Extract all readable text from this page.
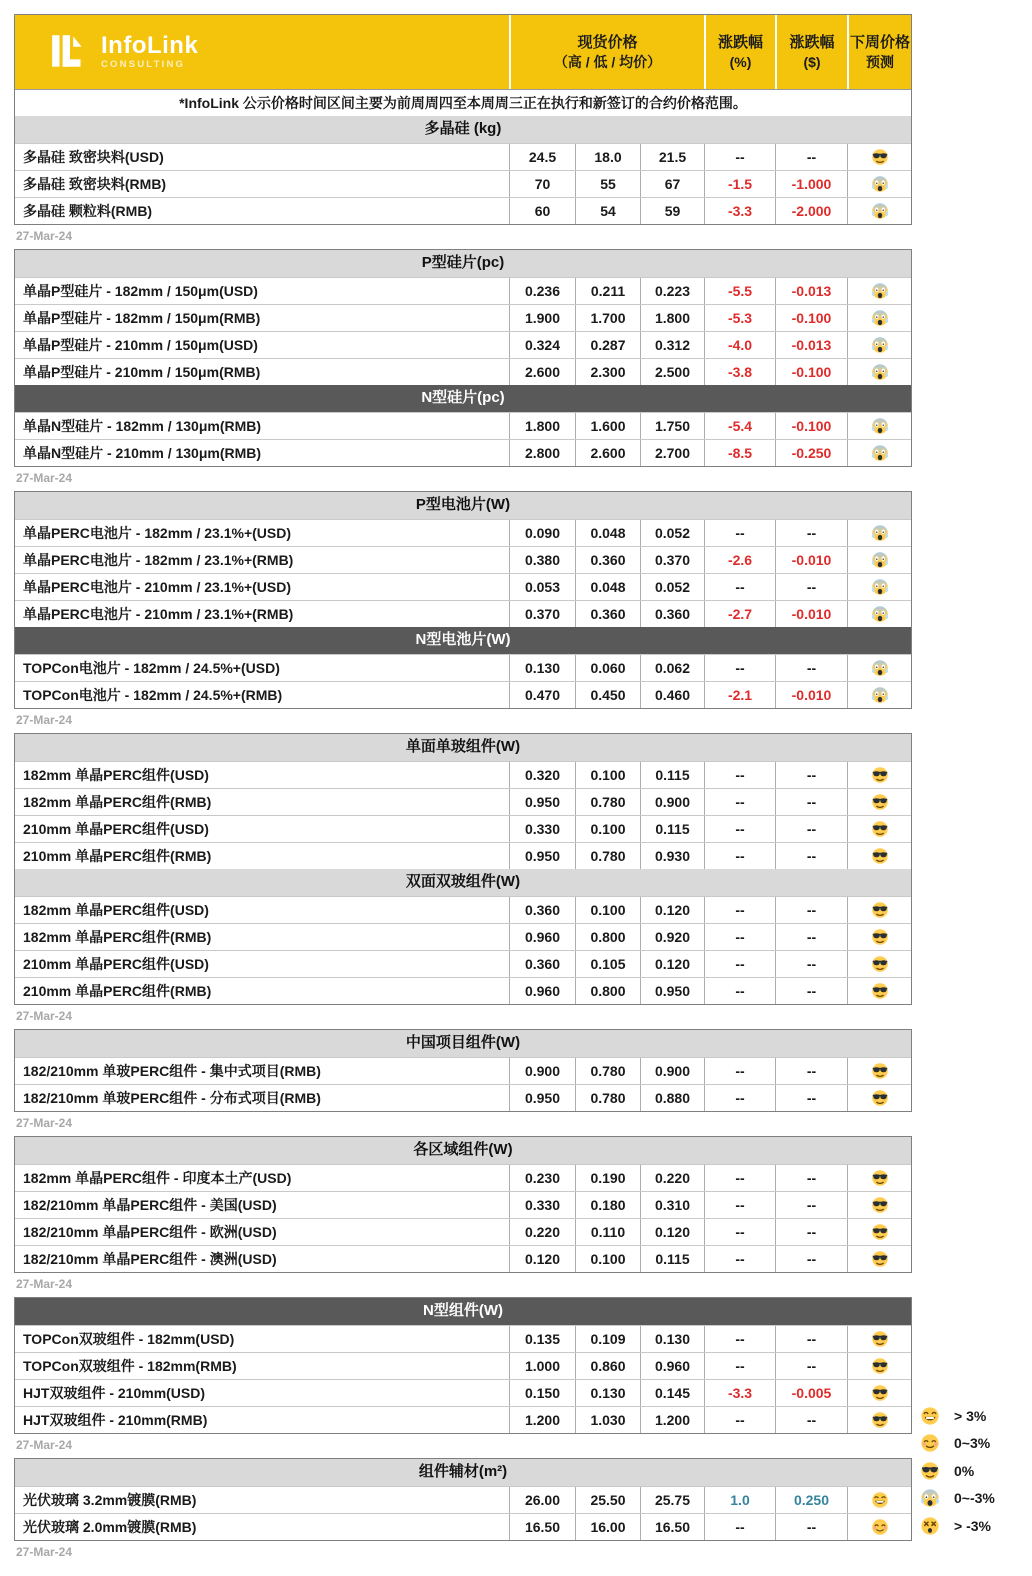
InfoLink
CONSULTING
现货价格
（高 / 低 / 均价）
涨跌幅
(%)
涨跌幅
($)
下周价格
预测
*InfoLink 公示价格时间区间主要为前周周四至本周周三正在执行和新签订的合约价格范围。
多晶硅 (kg)
多晶硅 致密块料(USD)	24.5	18.0	21.5	--	--
多晶硅 致密块料(RMB)	70	55	67	-1.5	-1.000
多晶硅 颗粒料(RMB)	60	54	59	-3.3	-2.000
27-Mar-24
P型硅片(pc)
单晶P型硅片 - 182mm / 150μm(USD)	0.236	0.211	0.223	-5.5	-0.013
单晶P型硅片 - 182mm / 150μm(RMB)	1.900	1.700	1.800	-5.3	-0.100
单晶P型硅片 - 210mm / 150μm(USD)	0.324	0.287	0.312	-4.0	-0.013
单晶P型硅片 - 210mm / 150μm(RMB)	2.600	2.300	2.500	-3.8	-0.100
N型硅片(pc)
单晶N型硅片 - 182mm / 130μm(RMB)	1.800	1.600	1.750	-5.4	-0.100
单晶N型硅片 - 210mm / 130μm(RMB)	2.800	2.600	2.700	-8.5	-0.250
27-Mar-24
P型电池片(W)
单晶PERC电池片 - 182mm / 23.1%+(USD)	0.090	0.048	0.052	--	--
单晶PERC电池片 - 182mm / 23.1%+(RMB)	0.380	0.360	0.370	-2.6	-0.010
单晶PERC电池片 - 210mm / 23.1%+(USD)	0.053	0.048	0.052	--	--
单晶PERC电池片 - 210mm / 23.1%+(RMB)	0.370	0.360	0.360	-2.7	-0.010
N型电池片(W)
TOPCon电池片 - 182mm / 24.5%+(USD)	0.130	0.060	0.062	--	--
TOPCon电池片 - 182mm / 24.5%+(RMB)	0.470	0.450	0.460	-2.1	-0.010
27-Mar-24
单面单玻组件(W)
182mm 单晶PERC组件(USD)	0.320	0.100	0.115	--	--
182mm 单晶PERC组件(RMB)	0.950	0.780	0.900	--	--
210mm 单晶PERC组件(USD)	0.330	0.100	0.115	--	--
210mm 单晶PERC组件(RMB)	0.950	0.780	0.930	--	--
双面双玻组件(W)
182mm 单晶PERC组件(USD)	0.360	0.100	0.120	--	--
182mm 单晶PERC组件(RMB)	0.960	0.800	0.920	--	--
210mm 单晶PERC组件(USD)	0.360	0.105	0.120	--	--
210mm 单晶PERC组件(RMB)	0.960	0.800	0.950	--	--
27-Mar-24
中国项目组件(W)
182/210mm 单玻PERC组件 - 集中式项目(RMB)	0.900	0.780	0.900	--	--
182/210mm 单玻PERC组件 - 分布式项目(RMB)	0.950	0.780	0.880	--	--
27-Mar-24
各区域组件(W)
182mm 单晶PERC组件 - 印度本土产(USD)	0.230	0.190	0.220	--	--
182/210mm 单晶PERC组件 - 美国(USD)	0.330	0.180	0.310	--	--
182/210mm 单晶PERC组件 - 欧洲(USD)	0.220	0.110	0.120	--	--
182/210mm 单晶PERC组件 - 澳洲(USD)	0.120	0.100	0.115	--	--
27-Mar-24
N型组件(W)
TOPCon双玻组件 - 182mm(USD)	0.135	0.109	0.130	--	--
TOPCon双玻组件 - 182mm(RMB)	1.000	0.860	0.960	--	--
HJT双玻组件 - 210mm(USD)	0.150	0.130	0.145	-3.3	-0.005
HJT双玻组件 - 210mm(RMB)	1.200	1.030	1.200	--	--
27-Mar-24
组件辅材(m²)
光伏玻璃 3.2mm镀膜(RMB)	26.00	25.50	25.75	1.0	0.250
光伏玻璃 2.0mm镀膜(RMB)	16.50	16.00	16.50	--	--
27-Mar-24
> 3%
0~3%
0%
0~-3%
> -3%
